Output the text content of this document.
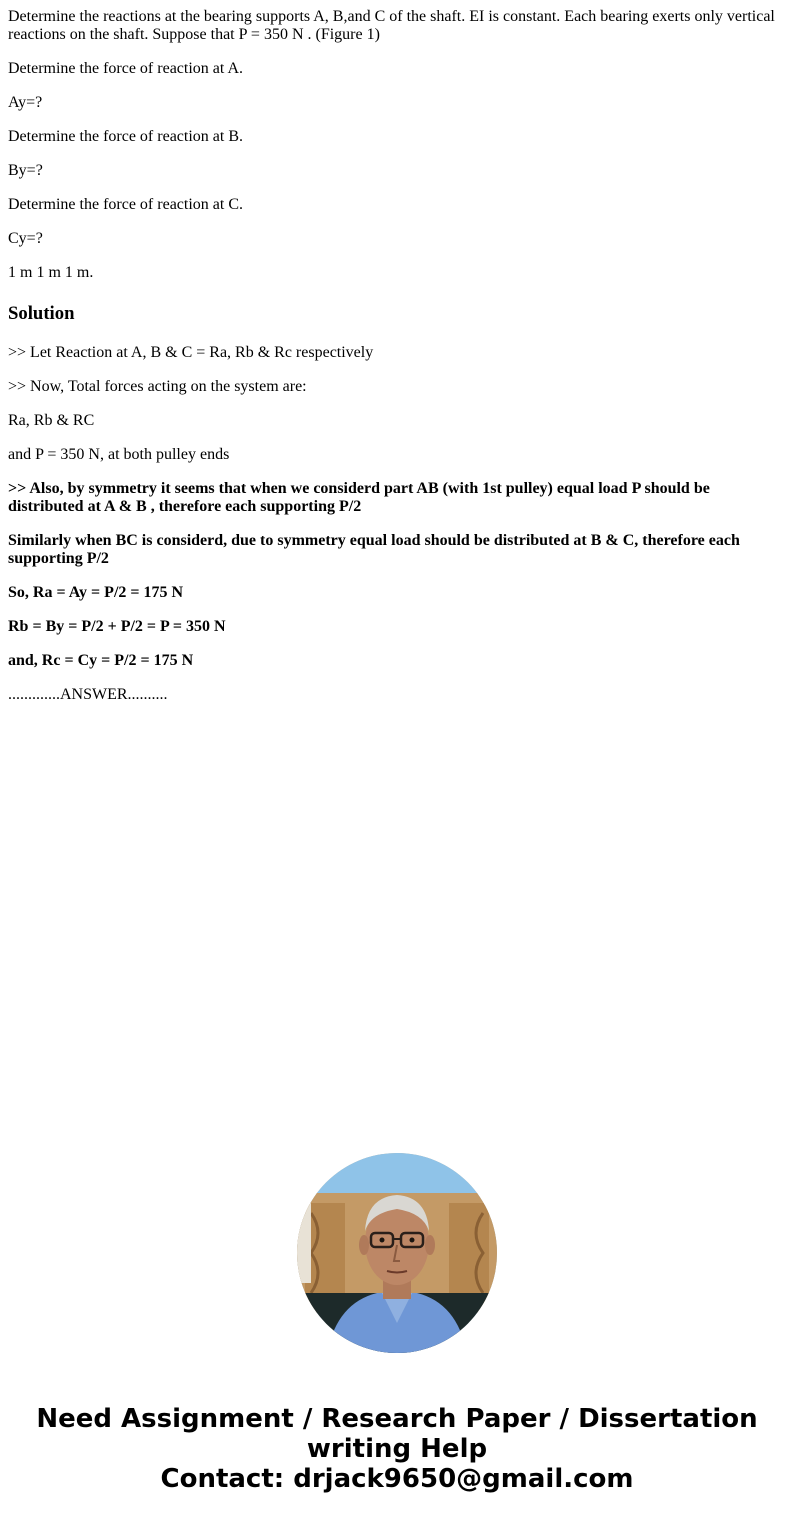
Determine the reactions at the bearing supports A, B,and C of the shaft. EI is constant. Each bearing exerts only vertical reactions on the shaft. Suppose that P = 350 N . (Figure 1)

Determine the force of reaction at A.

Ay=?

Determine the force of reaction at B.

By=?

Determine the force of reaction at C.

Cy=?

1 m 1 m 1 m.

Solution

>> Let Reaction at A, B & C = Ra, Rb & Rc respectively

>> Now, Total forces acting on the system are:

Ra, Rb & RC

and P = 350 N, at both pulley ends

>> Also, by symmetry it seems that when we considerd part AB (with 1st pulley) equal load P should be distributed at A & B , therefore each supporting P/2

Similarly when BC is considerd, due to symmetry equal load should be distributed at B & C, therefore each supporting P/2

So, Ra = Ay = P/2 = 175 N

Rb = By = P/2 + P/2 = P = 350 N

and, Rc = Cy = P/2 = 175 N

.............ANSWER..........

Need Assignment / Research Paper / Dissertation
writing Help
Contact: drjack9650@gmail.com
